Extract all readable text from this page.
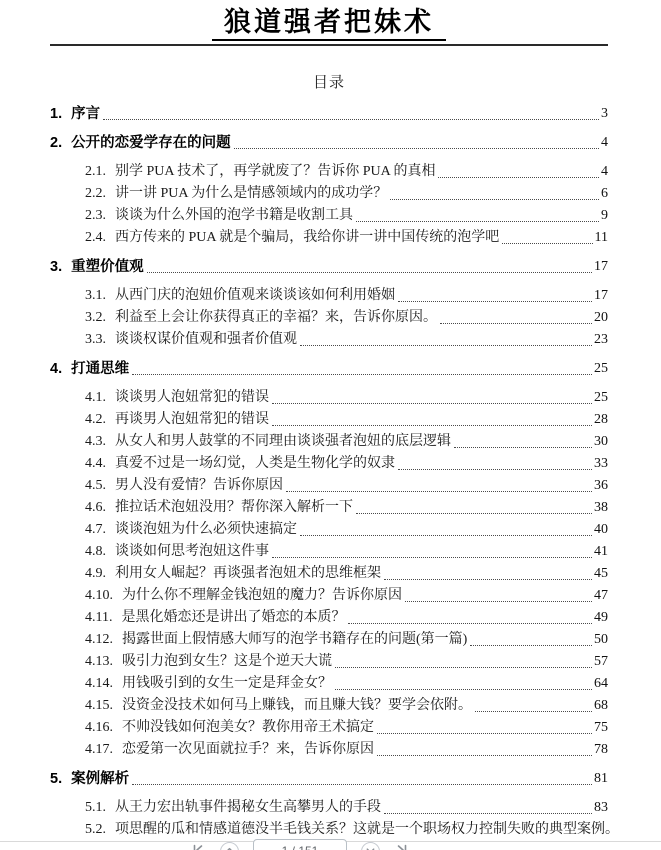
狼道强者把妹术
目录
1. 序言	3
2. 公开的恋爱学存在的问题	4
2.1. 别学 PUA 技术了，再学就废了？告诉你 PUA 的真相	4
2.2. 讲一讲 PUA 为什么是情感领域内的成功学？	6
2.3. 谈谈为什么外国的泡学书籍是收割工具	9
2.4. 西方传来的 PUA 就是个骗局，我给你讲一讲中国传统的泡学吧	11
3. 重塑价值观	17
3.1. 从西门庆的泡妞价值观来谈谈该如何利用婚姻	17
3.2. 利益至上会让你获得真正的幸福？来，告诉你原因。	20
3.3. 谈谈权谋价值观和强者价值观	23
4. 打通思维	25
4.1. 谈谈男人泡妞常犯的错误	25
4.2. 再谈男人泡妞常犯的错误	28
4.3. 从女人和男人鼓掌的不同理由谈谈强者泡妞的底层逻辑	30
4.4. 真爱不过是一场幻觉，人类是生物化学的奴隶	33
4.5. 男人没有爱情？告诉你原因	36
4.6. 推拉话术泡妞没用？帮你深入解析一下	38
4.7. 谈谈泡妞为什么必须快速搞定	40
4.8. 谈谈如何思考泡妞这件事	41
4.9. 利用女人崛起？再谈强者泡妞术的思维框架	45
4.10. 为什么你不理解金钱泡妞的魔力？告诉你原因	47
4.11. 是黑化婚恋还是讲出了婚恋的本质？	49
4.12. 揭露世面上假情感大师写的泡学书籍存在的问题(第一篇)	50
4.13. 吸引力泡到女生？这是个逆天大谎	57
4.14. 用钱吸引到的女生一定是拜金女？	64
4.15. 没资金没技术如何马上赚钱，而且赚大钱？要学会依附。	68
4.16. 不帅没钱如何泡美女？教你用帝王术搞定	75
4.17. 恋爱第一次见面就拉手？来，告诉你原因	78
5. 案例解析	81
5.1. 从王力宏出轨事件揭秘女生高攀男人的手段	83
5.2. 项思醒的瓜和情感道德没半毛钱关系？这就是一个职场权力控制失败的典型案例。
1 / 151
